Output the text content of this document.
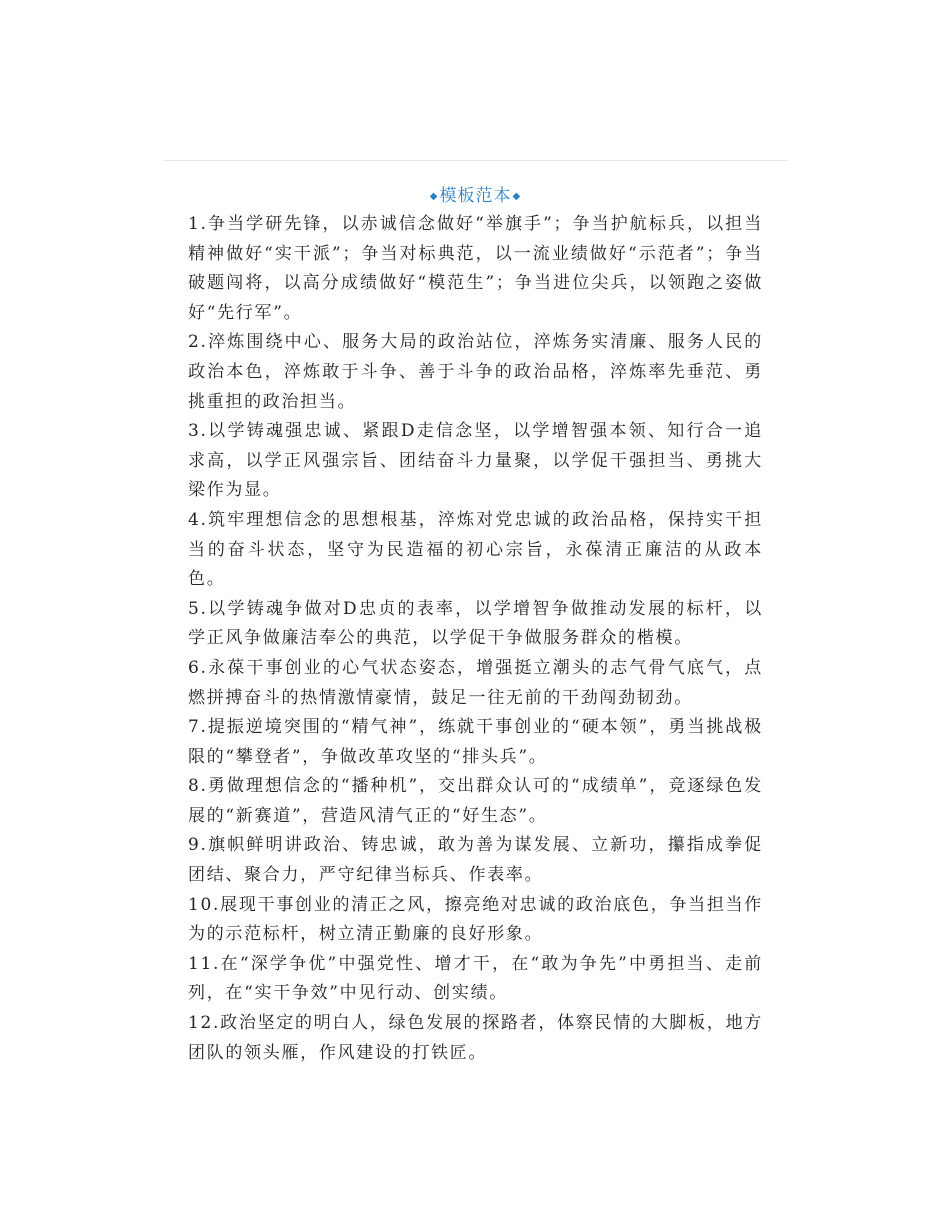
◆模板范本◆

1.争当学研先锋，以赤诚信念做好“举旗手”；争当护航标兵，以担当精神做好“实干派”；争当对标典范，以一流业绩做好“示范者”；争当破题闯将，以高分成绩做好“模范生”；争当进位尖兵，以领跑之姿做好“先行军”。

2.淬炼围绕中心、服务大局的政治站位，淬炼务实清廉、服务人民的政治本色，淬炼敢于斗争、善于斗争的政治品格，淬炼率先垂范、勇挑重担的政治担当。

3.以学铸魂强忠诚、紧跟D走信念坚，以学增智强本领、知行合一追求高，以学正风强宗旨、团结奋斗力量聚，以学促干强担当、勇挑大梁作为显。

4.筑牢理想信念的思想根基，淬炼对党忠诚的政治品格，保持实干担当的奋斗状态，坚守为民造福的初心宗旨，永葆清正廉洁的从政本色。

5.以学铸魂争做对D忠贞的表率，以学增智争做推动发展的标杆，以学正风争做廉洁奉公的典范，以学促干争做服务群众的楷模。

6.永葆干事创业的心气状态姿态，增强挺立潮头的志气骨气底气，点燃拼搏奋斗的热情激情豪情，鼓足一往无前的干劲闯劲韧劲。

7.提振逆境突围的“精气神”，练就干事创业的“硬本领”，勇当挑战极限的“攀登者”，争做改革攻坚的“排头兵”。

8.勇做理想信念的“播种机”，交出群众认可的“成绩单”，竞逐绿色发展的“新赛道”，营造风清气正的“好生态”。

9.旗帜鲜明讲政治、铸忠诚，敢为善为谋发展、立新功，攥指成拳促团结、聚合力，严守纪律当标兵、作表率。

10.展现干事创业的清正之风，擦亮绝对忠诚的政治底色，争当担当作为的示范标杆，树立清正勤廉的良好形象。

11.在“深学争优”中强党性、增才干，在“敢为争先”中勇担当、走前列，在“实干争效”中见行动、创实绩。

12.政治坚定的明白人，绿色发展的探路者，体察民情的大脚板，地方团队的领头雁，作风建设的打铁匠。
